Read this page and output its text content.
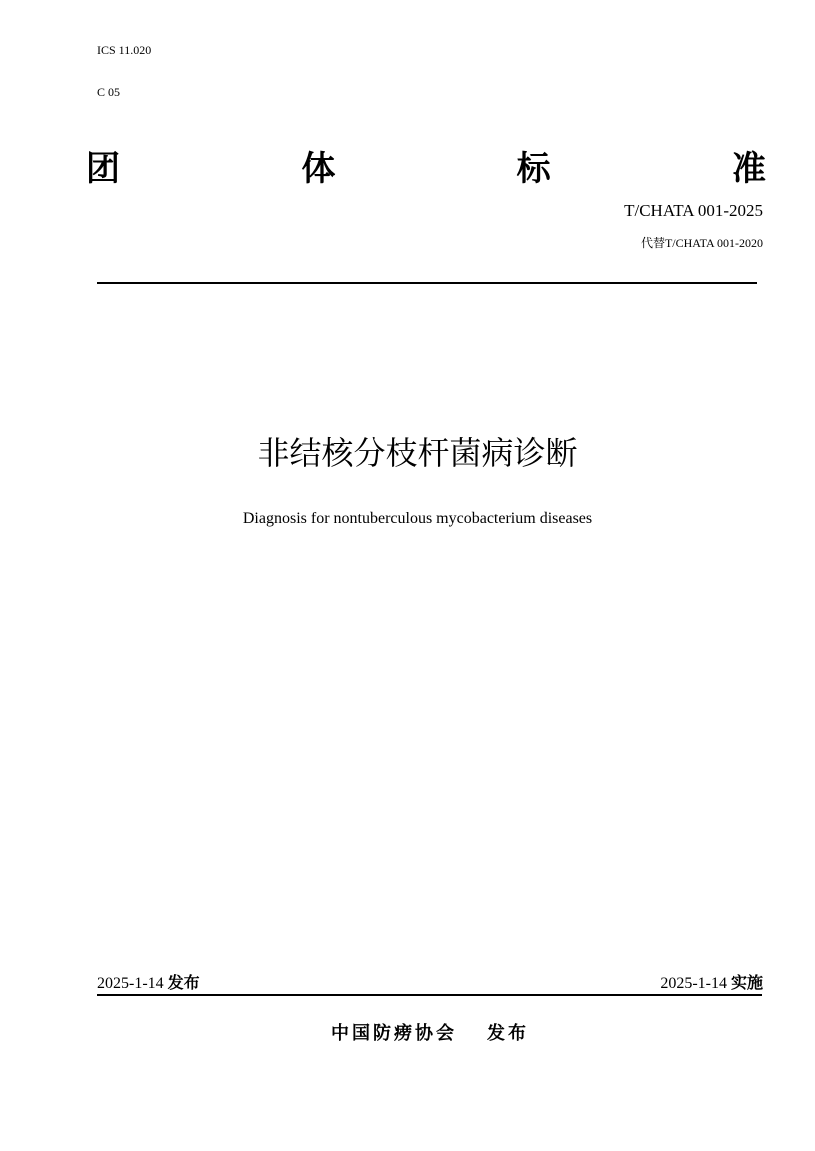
ICS 11.020
C 05
团	体	标	准
T/CHATA 001-2025
代替T/CHATA 001-2020
非结核分枝杆菌病诊断
Diagnosis for nontuberculous mycobacterium diseases
2025-1-14 发布	2025-1-14 实施
中国防痨协会 发布
